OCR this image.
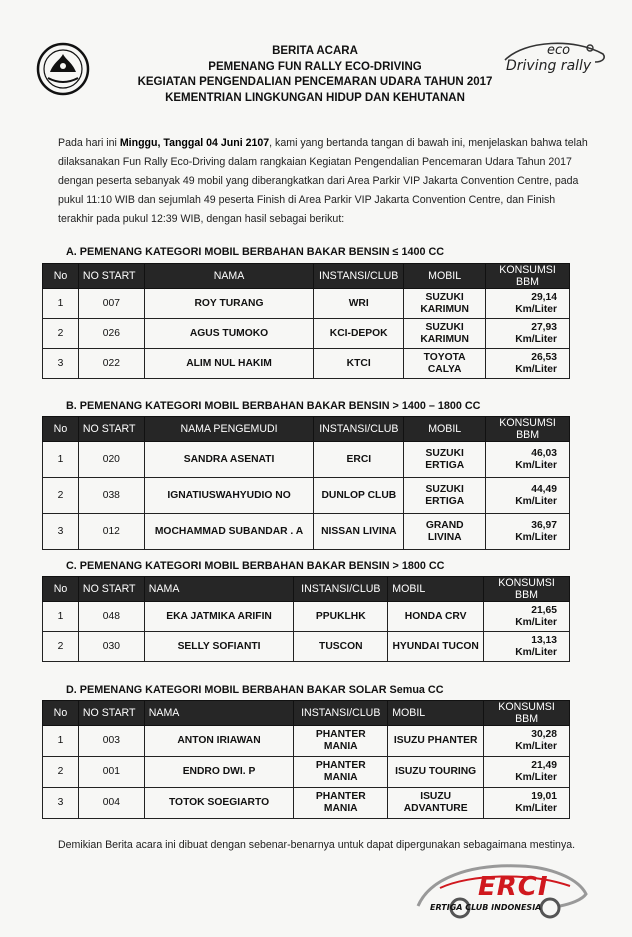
BERITA ACARA
PEMENANG FUN RALLY ECO-DRIVING
KEGIATAN PENGENDALIAN PENCEMARAN UDARA TAHUN 2017
KEMENTRIAN LINGKUNGAN HIDUP DAN KEHUTANAN
eco
Driving rally
Pada hari ini Minggu, Tanggal 04 Juni 2107, kami yang bertanda tangan di bawah ini, menjelaskan bahwa telah dilaksanakan Fun Rally Eco-Driving dalam rangkaian Kegiatan Pengendalian Pencemaran Udara Tahun 2017 dengan peserta sebanyak 49 mobil yang diberangkatkan dari Area Parkir VIP Jakarta Convention Centre, pada pukul 11:10 WIB dan sejumlah 49 peserta Finish di Area Parkir VIP Jakarta Convention Centre, dan Finish terakhir pada pukul 12:39 WIB, dengan hasil sebagai berikut:
A. PEMENANG KATEGORI MOBIL BERBAHAN BAKAR BENSIN ≤ 1400 CC
No	NO START	NAMA	INSTANSI/CLUB	MOBIL	KONSUMSI BBM
1	007	ROY TURANG	WRI	SUZUKI KARIMUN	29,14 Km/Liter
2	026	AGUS TUMOKO	KCI-DEPOK	SUZUKI KARIMUN	27,93 Km/Liter
3	022	ALIM NUL HAKIM	KTCI	TOYOTA CALYA	26,53 Km/Liter
B. PEMENANG KATEGORI MOBIL BERBAHAN BAKAR BENSIN > 1400 – 1800 CC
No	NO START	NAMA PENGEMUDI	INSTANSI/CLUB	MOBIL	KONSUMSI BBM
1	020	SANDRA ASENATI	ERCI	SUZUKI ERTIGA	46,03 Km/Liter
2	038	IGNATIUSWAHYUDIO NO	DUNLOP CLUB	SUZUKI ERTIGA	44,49 Km/Liter
3	012	MOCHAMMAD SUBANDAR . A	NISSAN LIVINA	GRAND LIVINA	36,97 Km/Liter
C. PEMENANG KATEGORI MOBIL BERBAHAN BAKAR BENSIN > 1800 CC
No	NO START	NAMA	INSTANSI/CLUB	MOBIL	KONSUMSI BBM
1	048	EKA JATMIKA ARIFIN	PPUKLHK	HONDA CRV	21,65 Km/Liter
2	030	SELLY SOFIANTI	TUSCON	HYUNDAI TUCON	13,13 Km/Liter
D. PEMENANG KATEGORI MOBIL BERBAHAN BAKAR SOLAR Semua CC
No	NO START	NAMA	INSTANSI/CLUB	MOBIL	KONSUMSI BBM
1	003	ANTON IRIAWAN	PHANTER MANIA	ISUZU PHANTER	30,28 Km/Liter
2	001	ENDRO DWI. P	PHANTER MANIA	ISUZU TOURING	21,49 Km/Liter
3	004	TOTOK SOEGIARTO	PHANTER MANIA	ISUZU ADVANTURE	19,01 Km/Liter
Demikian Berita acara ini dibuat dengan sebenar-benarnya untuk dapat dipergunakan sebagaimana mestinya.
ERCI
ERTIGA CLUB INDONESIA
